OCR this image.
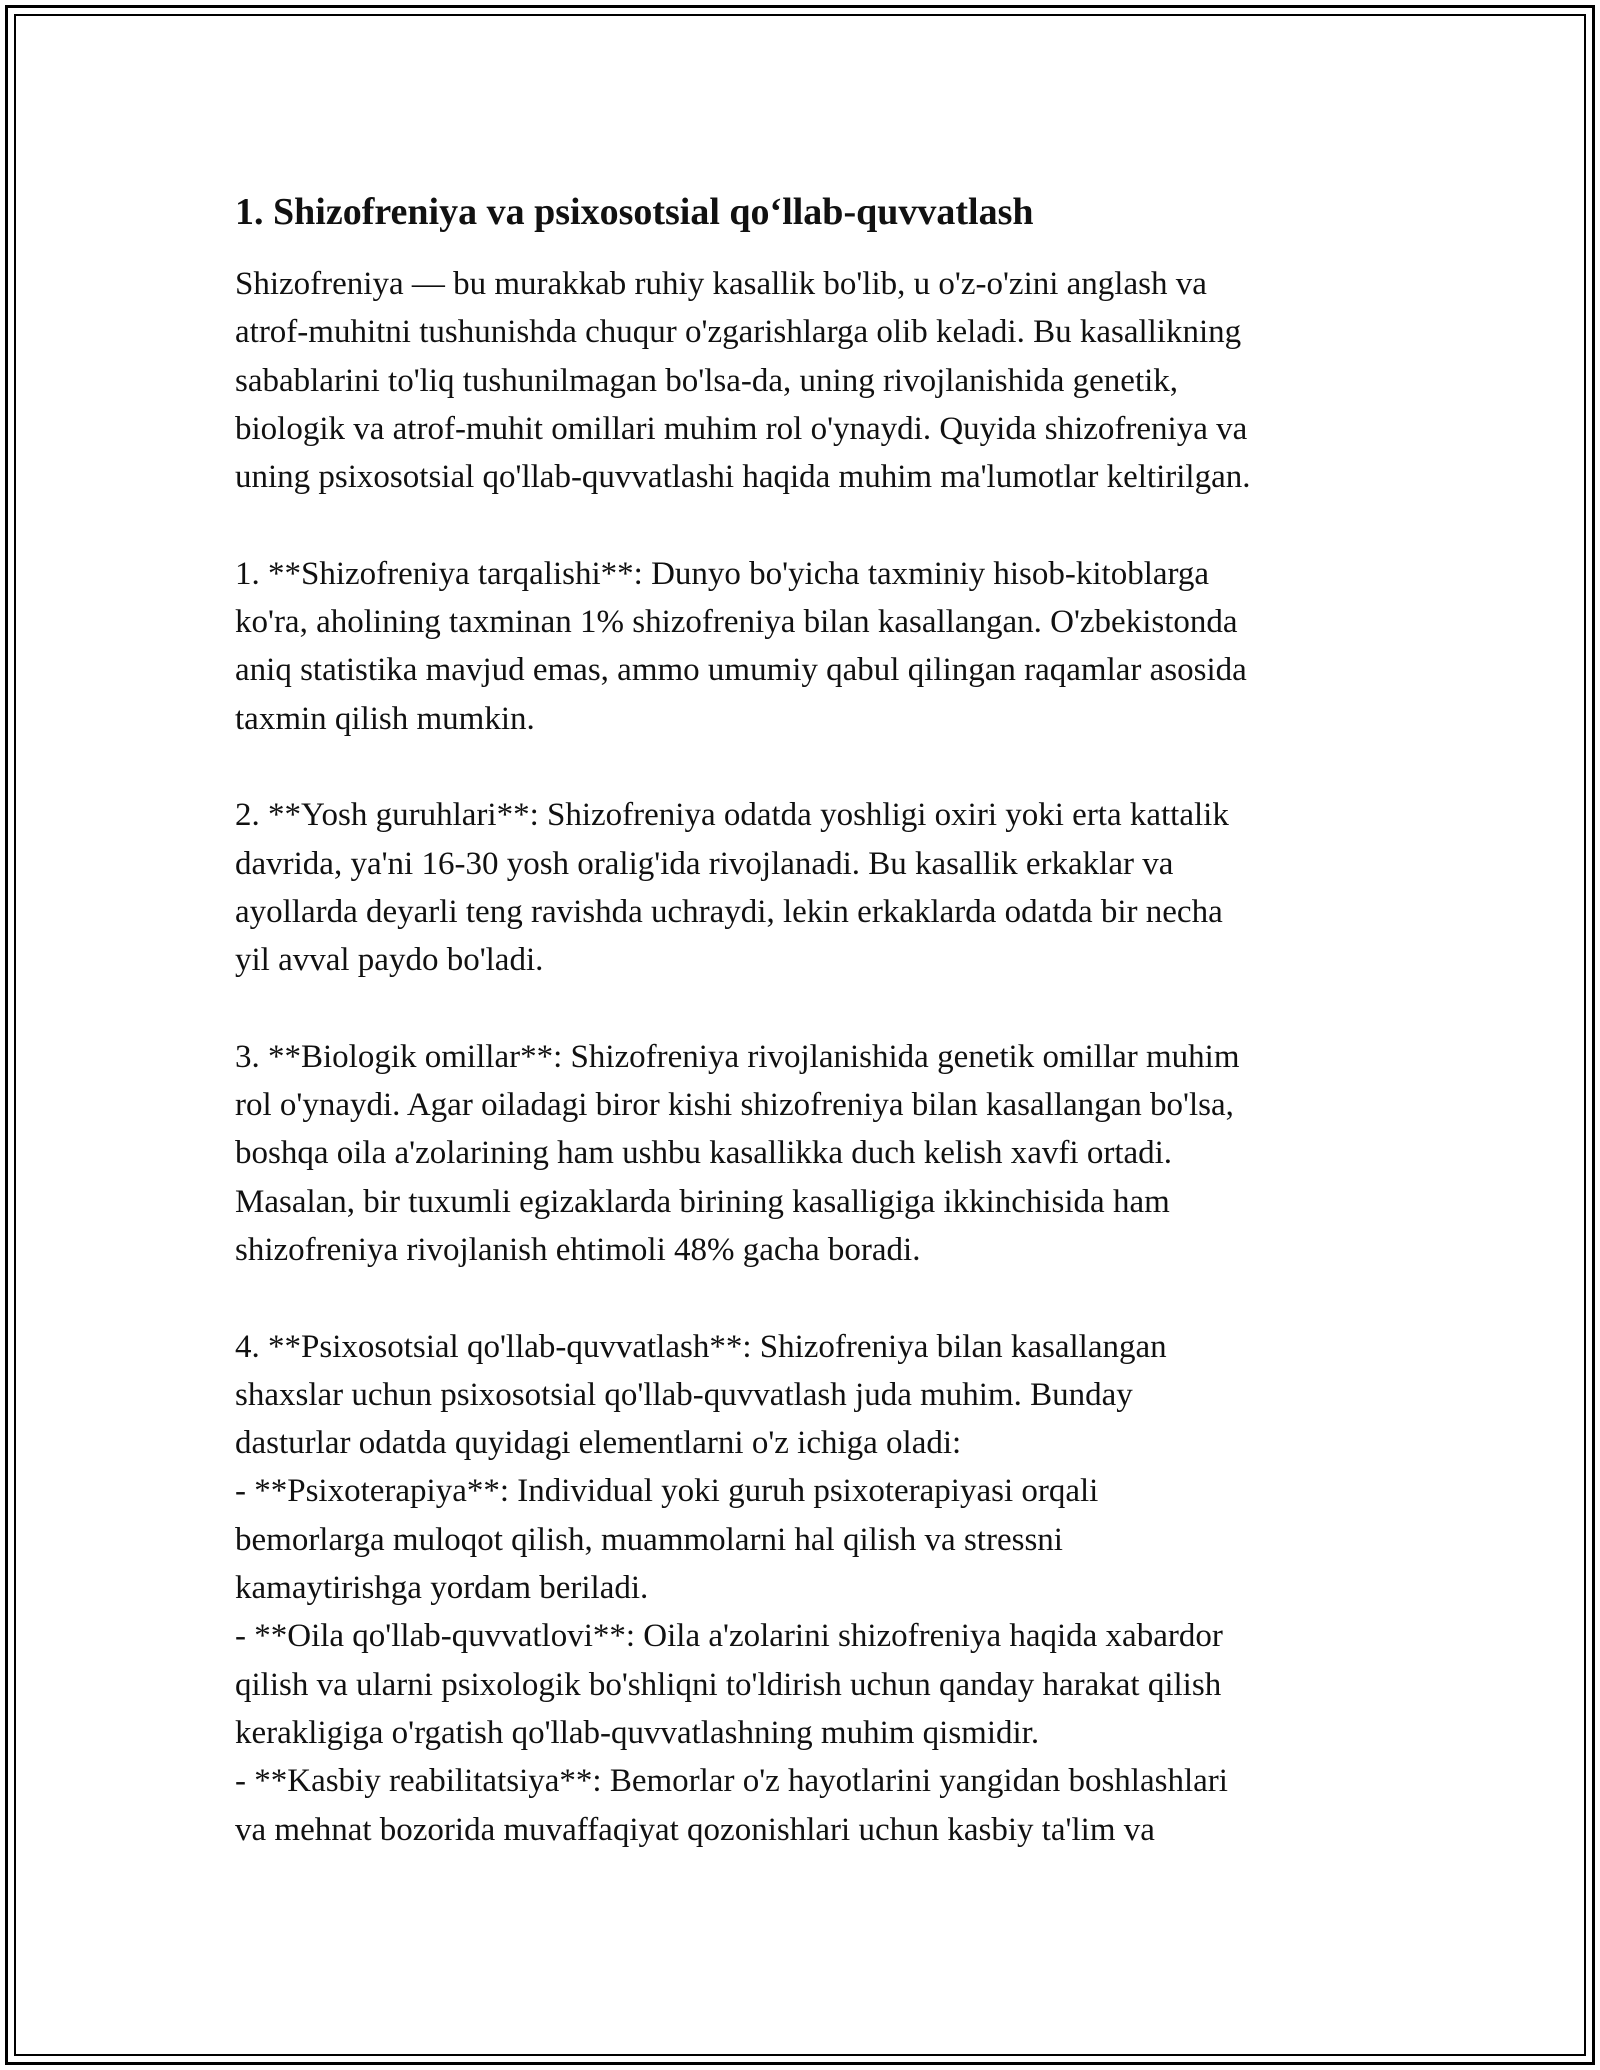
1. Shizofreniya va psixosotsial qo‘llab-quvvatlash

Shizofreniya — bu murakkab ruhiy kasallik bo'lib, u o'z-o'zini anglash va
atrof-muhitni tushunishda chuqur o'zgarishlarga olib keladi. Bu kasallikning
sabablarini to'liq tushunilmagan bo'lsa-da, uning rivojlanishida genetik,
biologik va atrof-muhit omillari muhim rol o'ynaydi. Quyida shizofreniya va
uning psixosotsial qo'llab-quvvatlashi haqida muhim ma'lumotlar keltirilgan.

1. **Shizofreniya tarqalishi**: Dunyo bo'yicha taxminiy hisob-kitoblarga
ko'ra, aholining taxminan 1% shizofreniya bilan kasallangan. O'zbekistonda
aniq statistika mavjud emas, ammo umumiy qabul qilingan raqamlar asosida
taxmin qilish mumkin.

2. **Yosh guruhlari**: Shizofreniya odatda yoshligi oxiri yoki erta kattalik
davrida, ya'ni 16-30 yosh oralig'ida rivojlanadi. Bu kasallik erkaklar va
ayollarda deyarli teng ravishda uchraydi, lekin erkaklarda odatda bir necha
yil avval paydo bo'ladi.

3. **Biologik omillar**: Shizofreniya rivojlanishida genetik omillar muhim
rol o'ynaydi. Agar oiladagi biror kishi shizofreniya bilan kasallangan bo'lsa,
boshqa oila a'zolarining ham ushbu kasallikka duch kelish xavfi ortadi.
Masalan, bir tuxumli egizaklarda birining kasalligiga ikkinchisida ham
shizofreniya rivojlanish ehtimoli 48% gacha boradi.

4. **Psixosotsial qo'llab-quvvatlash**: Shizofreniya bilan kasallangan
shaxslar uchun psixosotsial qo'llab-quvvatlash juda muhim. Bunday
dasturlar odatda quyidagi elementlarni o'z ichiga oladi:
- **Psixoterapiya**: Individual yoki guruh psixoterapiyasi orqali
bemorlarga muloqot qilish, muammolarni hal qilish va stressni
kamaytirishga yordam beriladi.
- **Oila qo'llab-quvvatlovi**: Oila a'zolarini shizofreniya haqida xabardor
qilish va ularni psixologik bo'shliqni to'ldirish uchun qanday harakat qilish
kerakligiga o'rgatish qo'llab-quvvatlashning muhim qismidir.
- **Kasbiy reabilitatsiya**: Bemorlar o'z hayotlarini yangidan boshlashlari
va mehnat bozorida muvaffaqiyat qozonishlari uchun kasbiy ta'lim va
